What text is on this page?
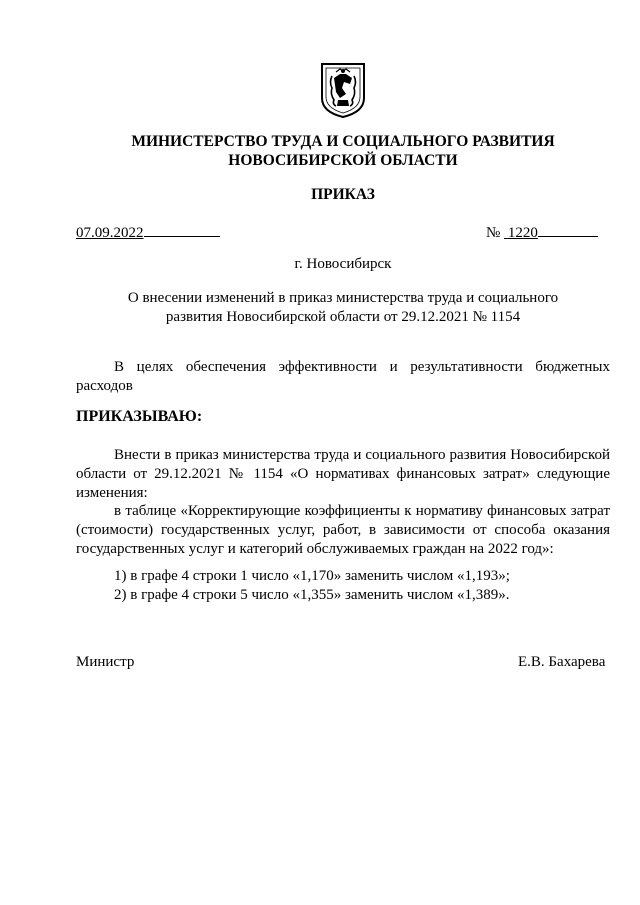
МИНИСТЕРСТВО ТРУДА И СОЦИАЛЬНОГО РАЗВИТИЯ
НОВОСИБИРСКОЙ ОБЛАСТИ
ПРИКАЗ
07.09.2022	№  1220
г. Новосибирск
О внесении изменений в приказ министерства труда и социального развития Новосибирской области от 29.12.2021 № 1154
В целях обеспечения эффективности и результативности бюджетных расходов
ПРИКАЗЫВАЮ:
Внести в приказ министерства труда и социального развития Новосибирской области от 29.12.2021 № 1154 «О нормативах финансовых затрат» следующие изменения:
в таблице «Корректирующие коэффициенты к нормативу финансовых затрат (стоимости) государственных услуг, работ, в зависимости от способа оказания государственных услуг и категорий обслуживаемых граждан на 2022 год»:
1) в графе 4 строки 1 число «1,170» заменить числом «1,193»;
2) в графе 4 строки 5 число «1,355» заменить числом «1,389».
Министр	Е.В. Бахарева
